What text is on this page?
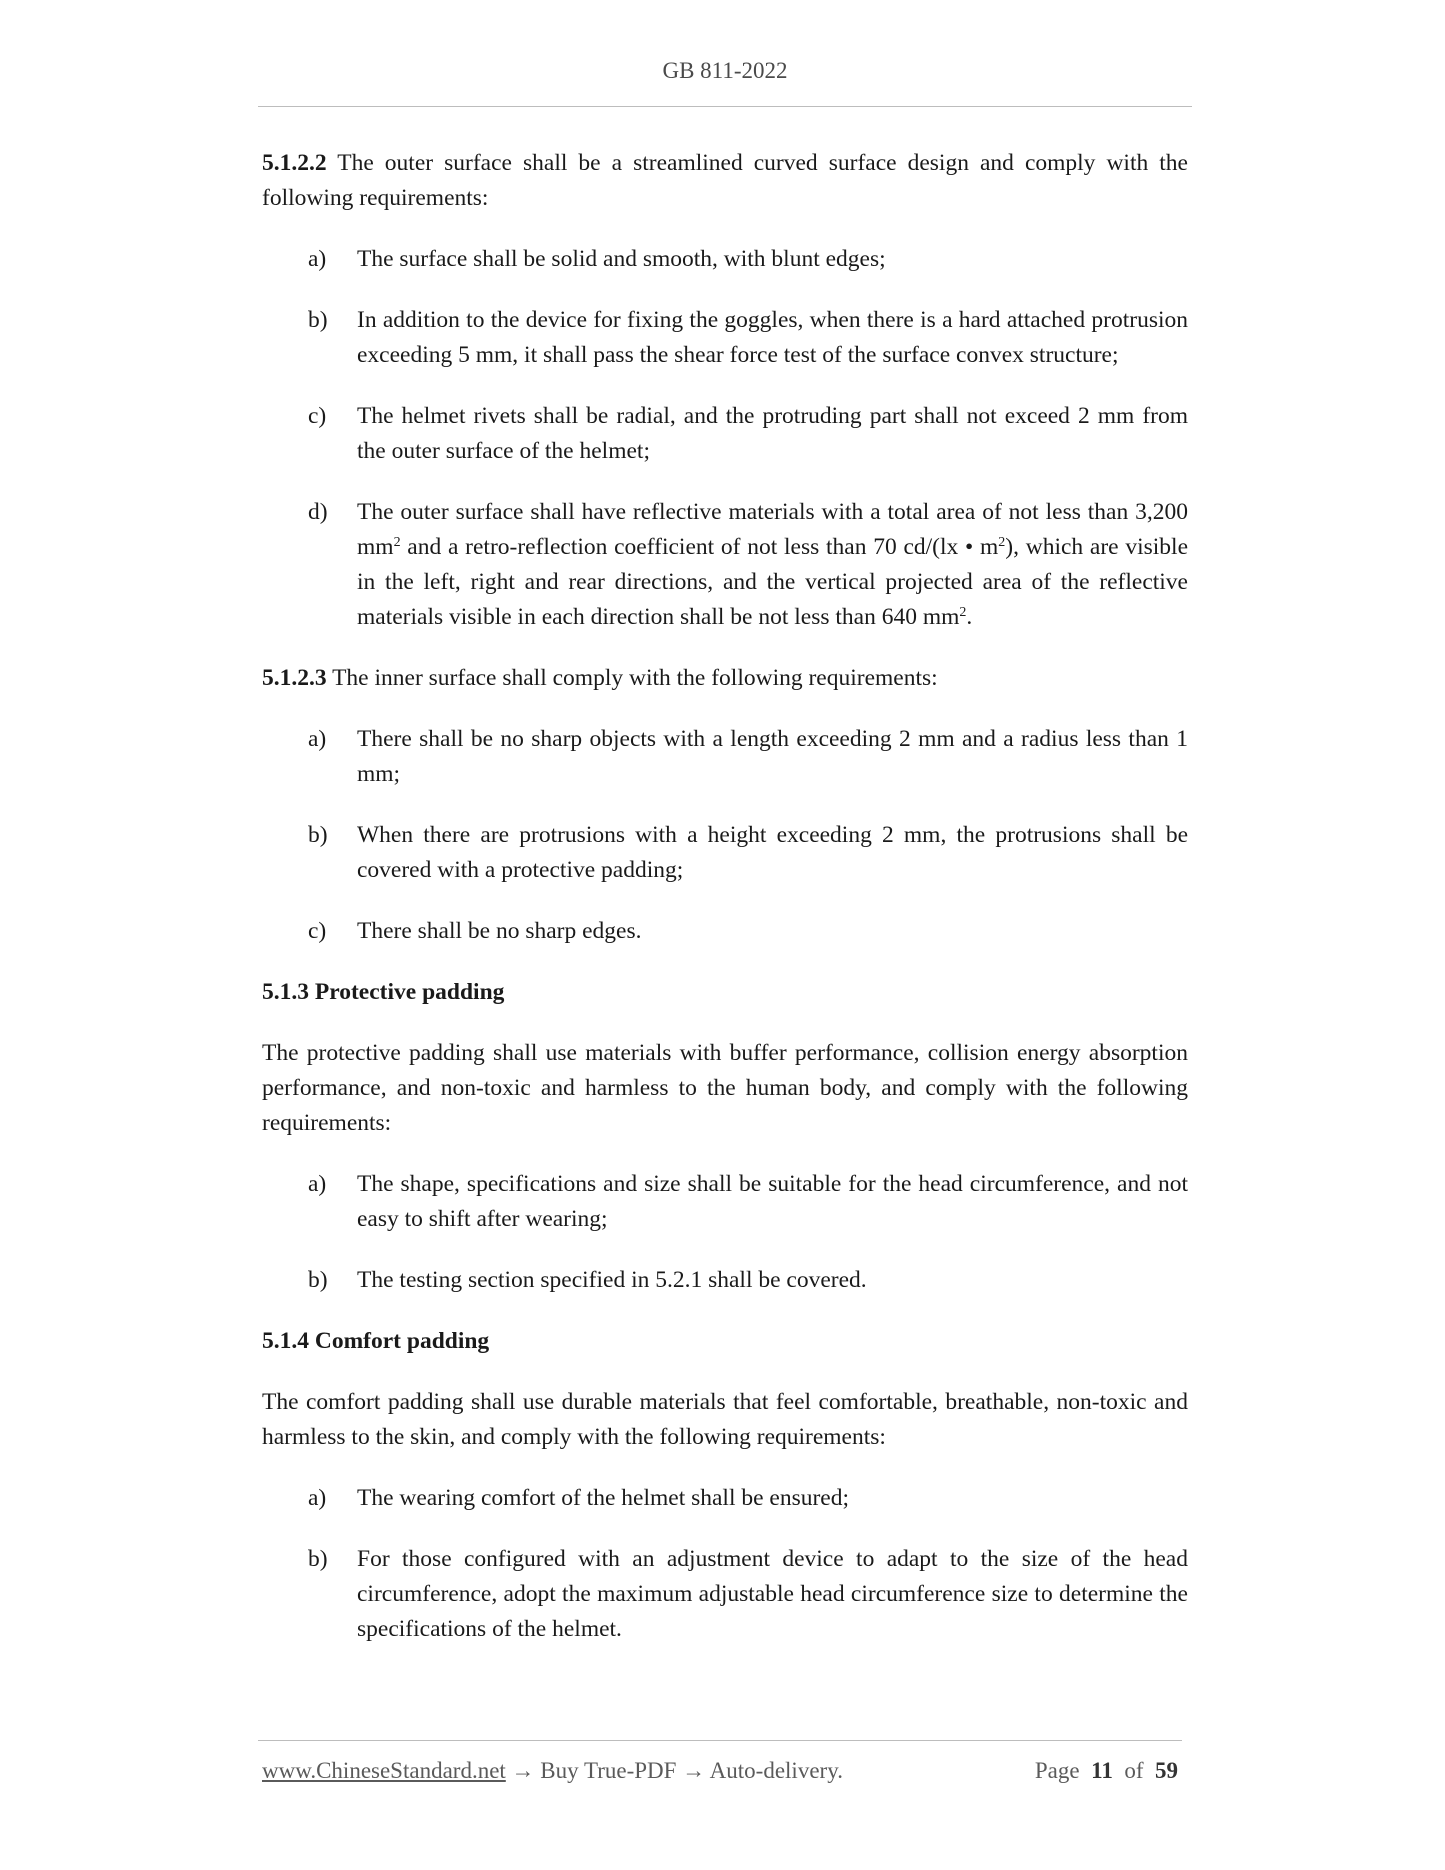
GB 811-2022

5.1.2.2 The outer surface shall be a streamlined curved surface design and comply with the following requirements:

a) The surface shall be solid and smooth, with blunt edges;
b) In addition to the device for fixing the goggles, when there is a hard attached protrusion exceeding 5 mm, it shall pass the shear force test of the surface convex structure;
c) The helmet rivets shall be radial, and the protruding part shall not exceed 2 mm from the outer surface of the helmet;
d) The outer surface shall have reflective materials with a total area of not less than 3,200 $mm^2$ and a retro-reflection coefficient of not less than 70 cd/(lx • $m^2$), which are visible in the left, right and rear directions, and the vertical projected area of the reflective materials visible in each direction shall be not less than 640 $mm^2$.

5.1.2.3 The inner surface shall comply with the following requirements:

a) There shall be no sharp objects with a length exceeding 2 mm and a radius less than 1 mm;
b) When there are protrusions with a height exceeding 2 mm, the protrusions shall be covered with a protective padding;
c) There shall be no sharp edges.

5.1.3 Protective padding

The protective padding shall use materials with buffer performance, collision energy absorption performance, and non-toxic and harmless to the human body, and comply with the following requirements:

a) The shape, specifications and size shall be suitable for the head circumference, and not easy to shift after wearing;
b) The testing section specified in 5.2.1 shall be covered.

5.1.4 Comfort padding

The comfort padding shall use durable materials that feel comfortable, breathable, non-toxic and harmless to the skin, and comply with the following requirements:

a) The wearing comfort of the helmet shall be ensured;
b) For those configured with an adjustment device to adapt to the size of the head circumference, adopt the maximum adjustable head circumference size to determine the specifications of the helmet.
www.ChineseStandard.net → Buy True-PDF → Auto-delivery.	Page 11 of 59
